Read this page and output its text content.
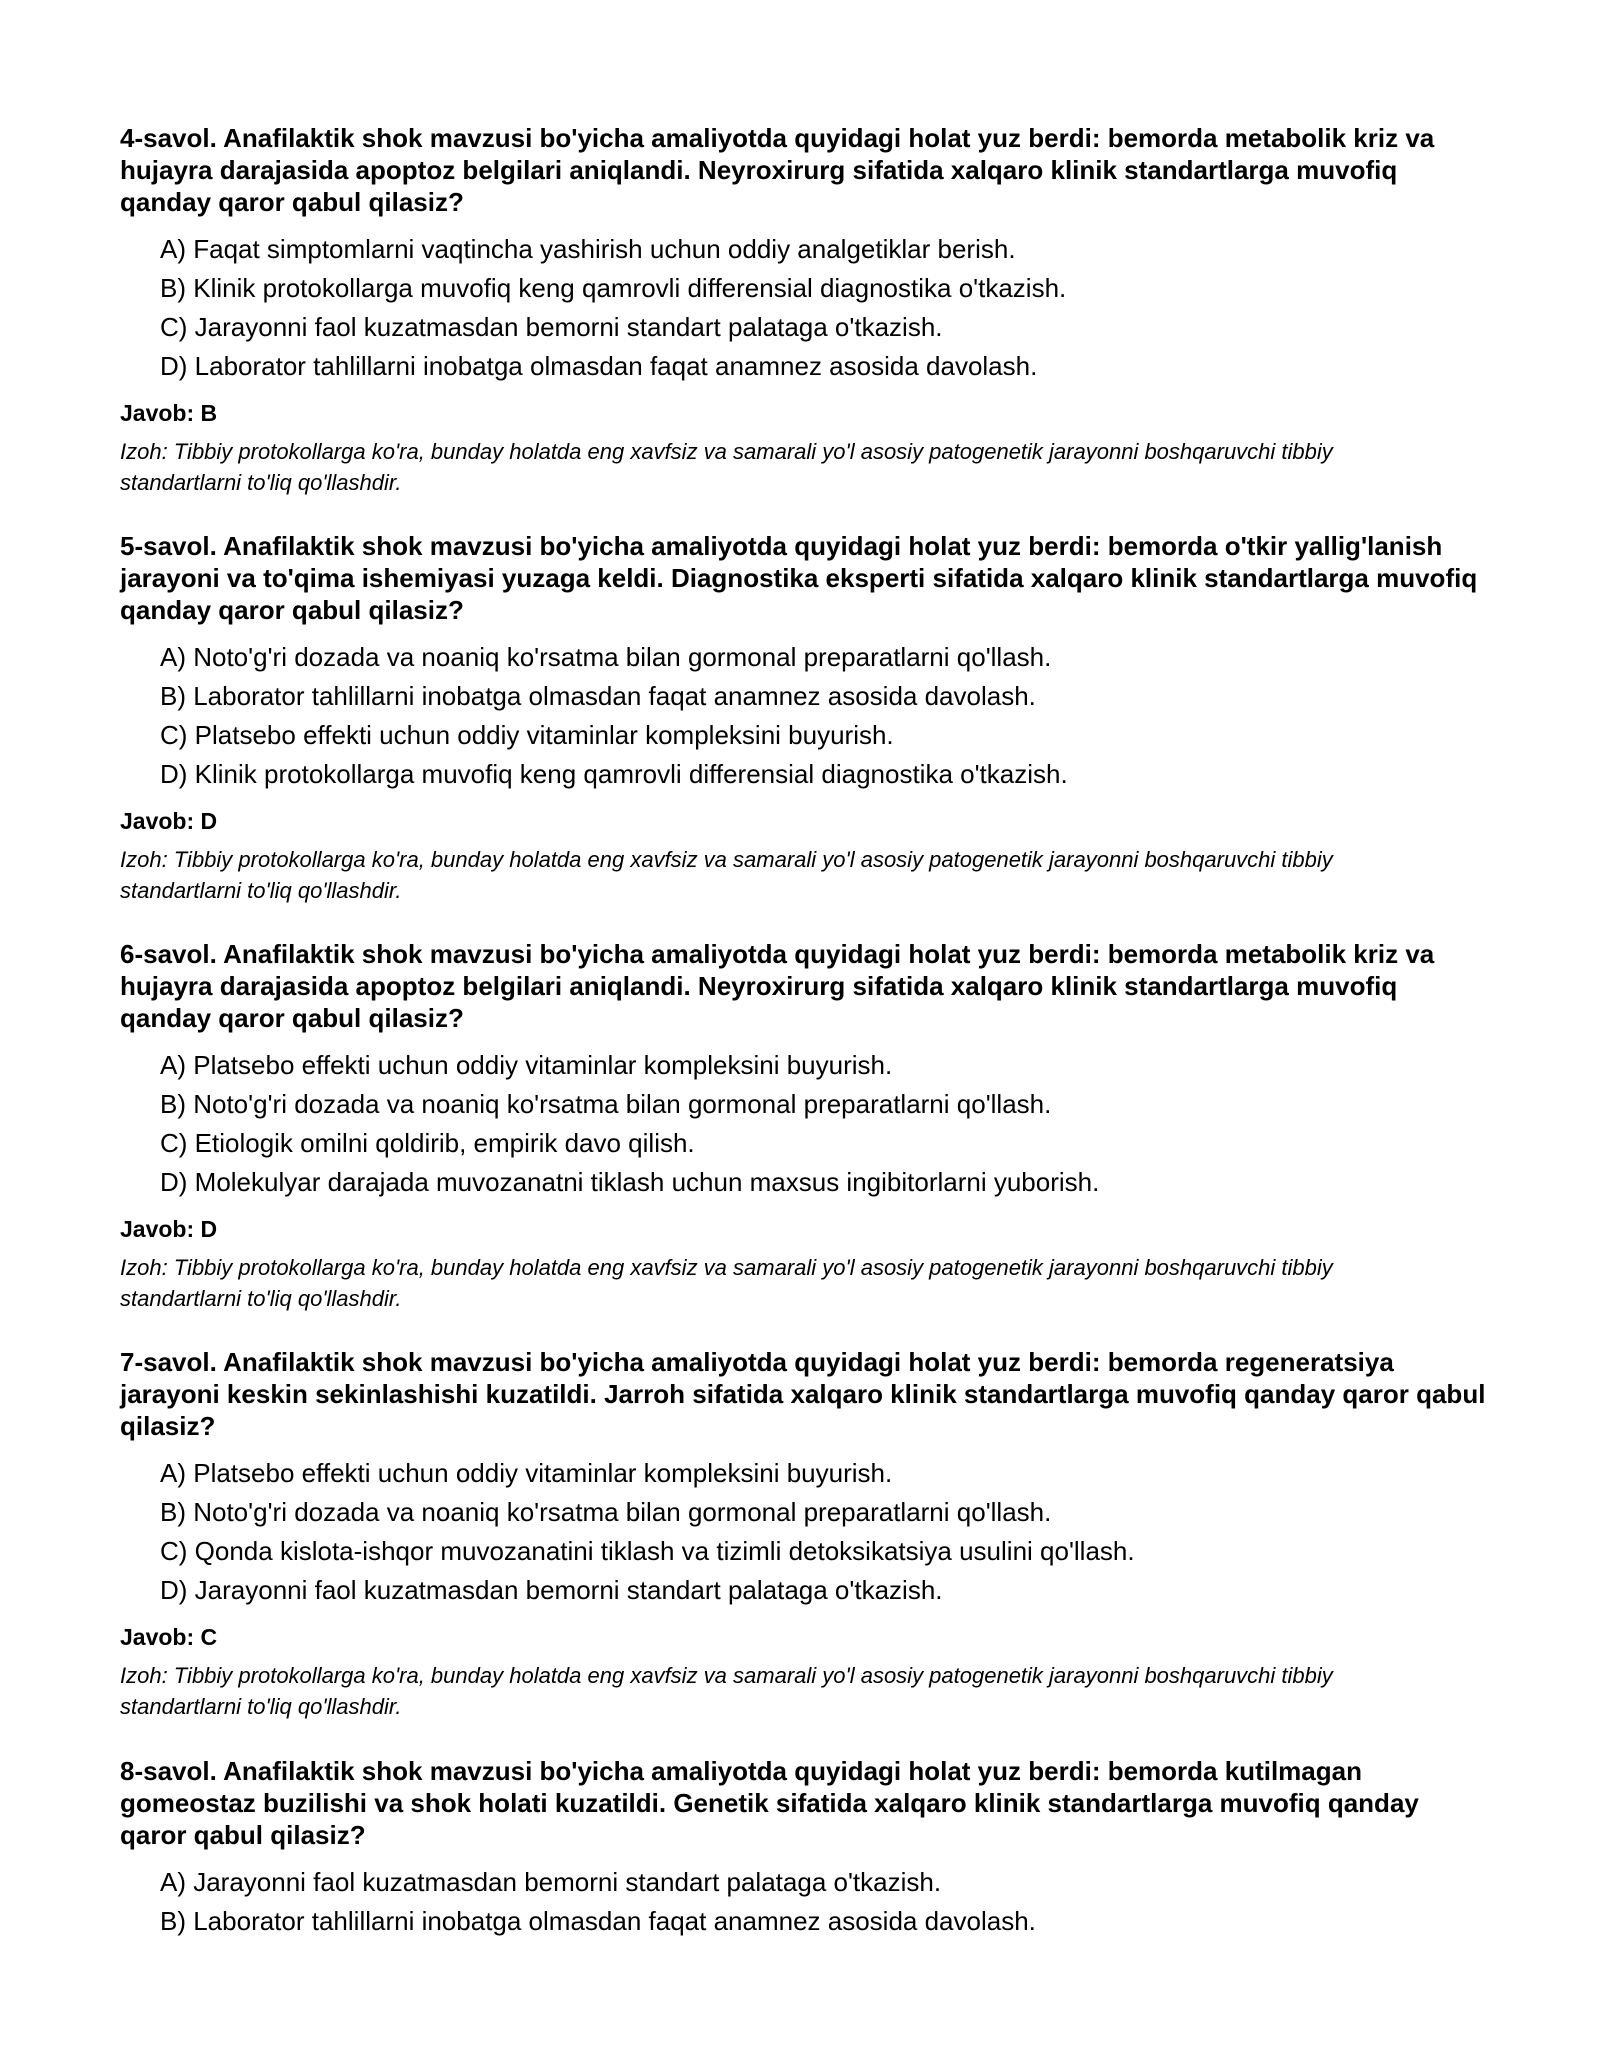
4-savol. Anafilaktik shok mavzusi bo'yicha amaliyotda quyidagi holat yuz berdi: bemorda metabolik kriz va hujayra darajasida apoptoz belgilari aniqlandi. Neyroxirurg sifatida xalqaro klinik standartlarga muvofiq qanday qaror qabul qilasiz?

A) Faqat simptomlarni vaqtincha yashirish uchun oddiy analgetiklar berish.
B) Klinik protokollarga muvofiq keng qamrovli differensial diagnostika o'tkazish.
C) Jarayonni faol kuzatmasdan bemorni standart palataga o'tkazish.
D) Laborator tahlillarni inobatga olmasdan faqat anamnez asosida davolash.
Javob: B
Izoh: Tibbiy protokollarga ko'ra, bunday holatda eng xavfsiz va samarali yo'l asosiy patogenetik jarayonni boshqaruvchi tibbiy standartlarni to'liq qo'llashdir.

5-savol. Anafilaktik shok mavzusi bo'yicha amaliyotda quyidagi holat yuz berdi: bemorda o'tkir yallig'lanish jarayoni va to'qima ishemiyasi yuzaga keldi. Diagnostika eksperti sifatida xalqaro klinik standartlarga muvofiq qanday qaror qabul qilasiz?

A) Noto'g'ri dozada va noaniq ko'rsatma bilan gormonal preparatlarni qo'llash.
B) Laborator tahlillarni inobatga olmasdan faqat anamnez asosida davolash.
C) Platsebo effekti uchun oddiy vitaminlar kompleksini buyurish.
D) Klinik protokollarga muvofiq keng qamrovli differensial diagnostika o'tkazish.
Javob: D
Izoh: Tibbiy protokollarga ko'ra, bunday holatda eng xavfsiz va samarali yo'l asosiy patogenetik jarayonni boshqaruvchi tibbiy standartlarni to'liq qo'llashdir.

6-savol. Anafilaktik shok mavzusi bo'yicha amaliyotda quyidagi holat yuz berdi: bemorda metabolik kriz va hujayra darajasida apoptoz belgilari aniqlandi. Neyroxirurg sifatida xalqaro klinik standartlarga muvofiq qanday qaror qabul qilasiz?

A) Platsebo effekti uchun oddiy vitaminlar kompleksini buyurish.
B) Noto'g'ri dozada va noaniq ko'rsatma bilan gormonal preparatlarni qo'llash.
C) Etiologik omilni qoldirib, empirik davo qilish.
D) Molekulyar darajada muvozanatni tiklash uchun maxsus ingibitorlarni yuborish.
Javob: D
Izoh: Tibbiy protokollarga ko'ra, bunday holatda eng xavfsiz va samarali yo'l asosiy patogenetik jarayonni boshqaruvchi tibbiy standartlarni to'liq qo'llashdir.

7-savol. Anafilaktik shok mavzusi bo'yicha amaliyotda quyidagi holat yuz berdi: bemorda regeneratsiya jarayoni keskin sekinlashishi kuzatildi. Jarroh sifatida xalqaro klinik standartlarga muvofiq qanday qaror qabul qilasiz?

A) Platsebo effekti uchun oddiy vitaminlar kompleksini buyurish.
B) Noto'g'ri dozada va noaniq ko'rsatma bilan gormonal preparatlarni qo'llash.
C) Qonda kislota-ishqor muvozanatini tiklash va tizimli detoksikatsiya usulini qo'llash.
D) Jarayonni faol kuzatmasdan bemorni standart palataga o'tkazish.
Javob: C
Izoh: Tibbiy protokollarga ko'ra, bunday holatda eng xavfsiz va samarali yo'l asosiy patogenetik jarayonni boshqaruvchi tibbiy standartlarni to'liq qo'llashdir.

8-savol. Anafilaktik shok mavzusi bo'yicha amaliyotda quyidagi holat yuz berdi: bemorda kutilmagan gomeostaz buzilishi va shok holati kuzatildi. Genetik sifatida xalqaro klinik standartlarga muvofiq qanday qaror qabul qilasiz?

A) Jarayonni faol kuzatmasdan bemorni standart palataga o'tkazish.
B) Laborator tahlillarni inobatga olmasdan faqat anamnez asosida davolash.
